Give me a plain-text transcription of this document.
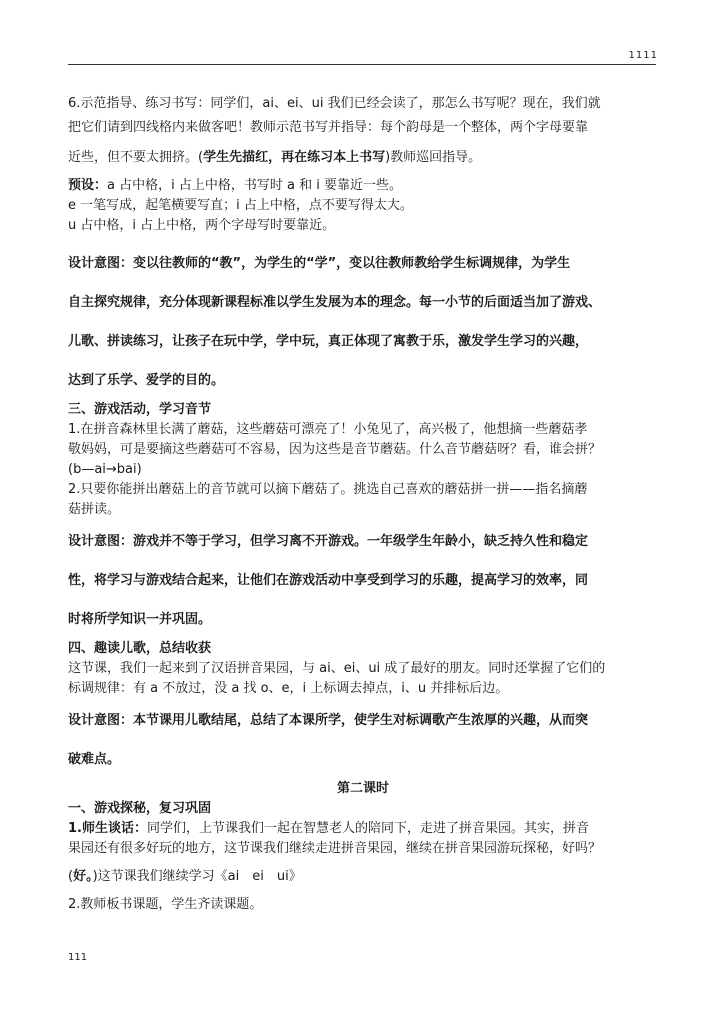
1111

6.示范指导、练习书写：同学们，ai、ei、ui 我们已经会读了，那怎么书写呢？现在，我们就

把它们请到四线格内来做客吧！教师示范书写并指导：每个韵母是一个整体，两个字母要靠

近些，但不要太拥挤。(学生先描红，再在练习本上书写)教师巡回指导。

预设：a 占中格，i 占上中格，书写时 a 和 i 要靠近一些。

e 一笔写成，起笔横要写直；i 占上中格，点不要写得太大。

u 占中格，i 占上中格，两个字母写时要靠近。

设计意图：变以往教师的“教”，为学生的“学”，变以往教师教给学生标调规律，为学生

自主探究规律，充分体现新课程标准以学生发展为本的理念。每一小节的后面适当加了游戏、

儿歌、拼读练习，让孩子在玩中学，学中玩，真正体现了寓教于乐，激发学生学习的兴趣，

达到了乐学、爱学的目的。

三、游戏活动，学习音节

1.在拼音森林里长满了蘑菇，这些蘑菇可漂亮了！小兔见了，高兴极了，他想摘一些蘑菇孝

敬妈妈，可是要摘这些蘑菇可不容易，因为这些是音节蘑菇。什么音节蘑菇呀？看，谁会拼？

(b—ai→bai)

2.只要你能拼出蘑菇上的音节就可以摘下蘑菇了。挑选自己喜欢的蘑菇拼一拼——指名摘蘑

菇拼读。

设计意图：游戏并不等于学习，但学习离不开游戏。一年级学生年龄小，缺乏持久性和稳定

性，将学习与游戏结合起来，让他们在游戏活动中享受到学习的乐趣，提高学习的效率，同

时将所学知识一并巩固。

四、趣读儿歌，总结收获

这节课，我们一起来到了汉语拼音果园，与 ai、ei、ui 成了最好的朋友。同时还掌握了它们的

标调规律：有 a 不放过，没 a 找 o、e，i 上标调去掉点，i、u 并排标后边。

设计意图：本节课用儿歌结尾，总结了本课所学，使学生对标调歌产生浓厚的兴趣，从而突

破难点。

第二课时

一、游戏探秘，复习巩固

1.师生谈话：同学们，上节课我们一起在智慧老人的陪同下，走进了拼音果园。其实，拼音

果园还有很多好玩的地方，这节课我们继续走进拼音果园，继续在拼音果园游玩探秘，好吗？

(好。)这节课我们继续学习《ai　ei　ui》

2.教师板书课题，学生齐读课题。

111
